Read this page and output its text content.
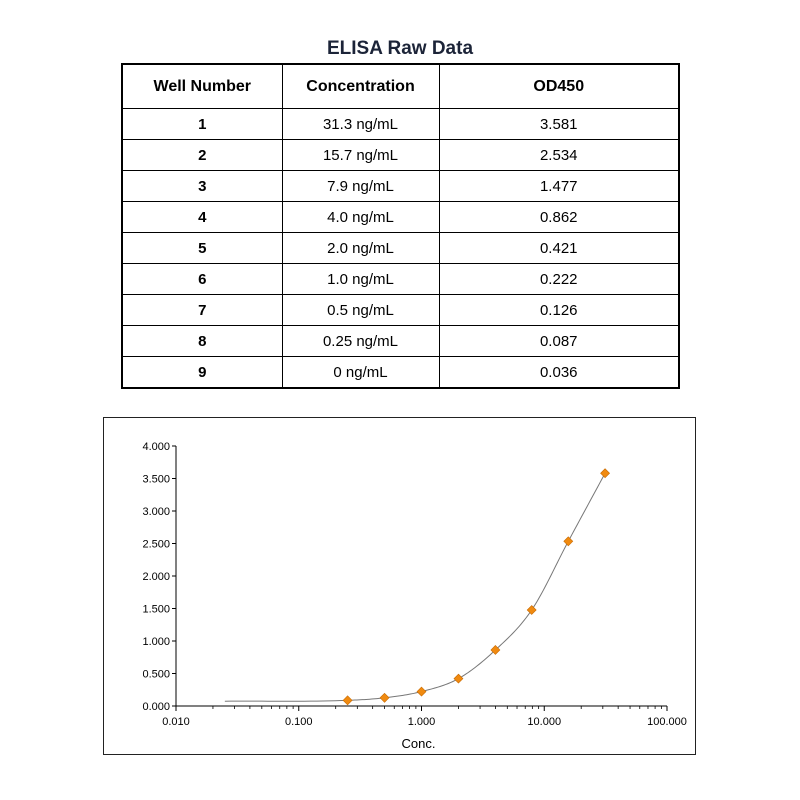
ELISA Raw Data
Well Number	Concentration	OD450
1	31.3 ng/mL	3.581
2	15.7 ng/mL	2.534
3	7.9 ng/mL	1.477
4	4.0 ng/mL	0.862
5	2.0 ng/mL	0.421
6	1.0 ng/mL	0.222
7	0.5 ng/mL	0.126
8	0.25 ng/mL	0.087
9	0 ng/mL	0.036
0.000
0.500
1.000
1.500
2.000
2.500
3.000
3.500
4.000
0.010	0.100	1.000	10.000	100.000
Conc.
